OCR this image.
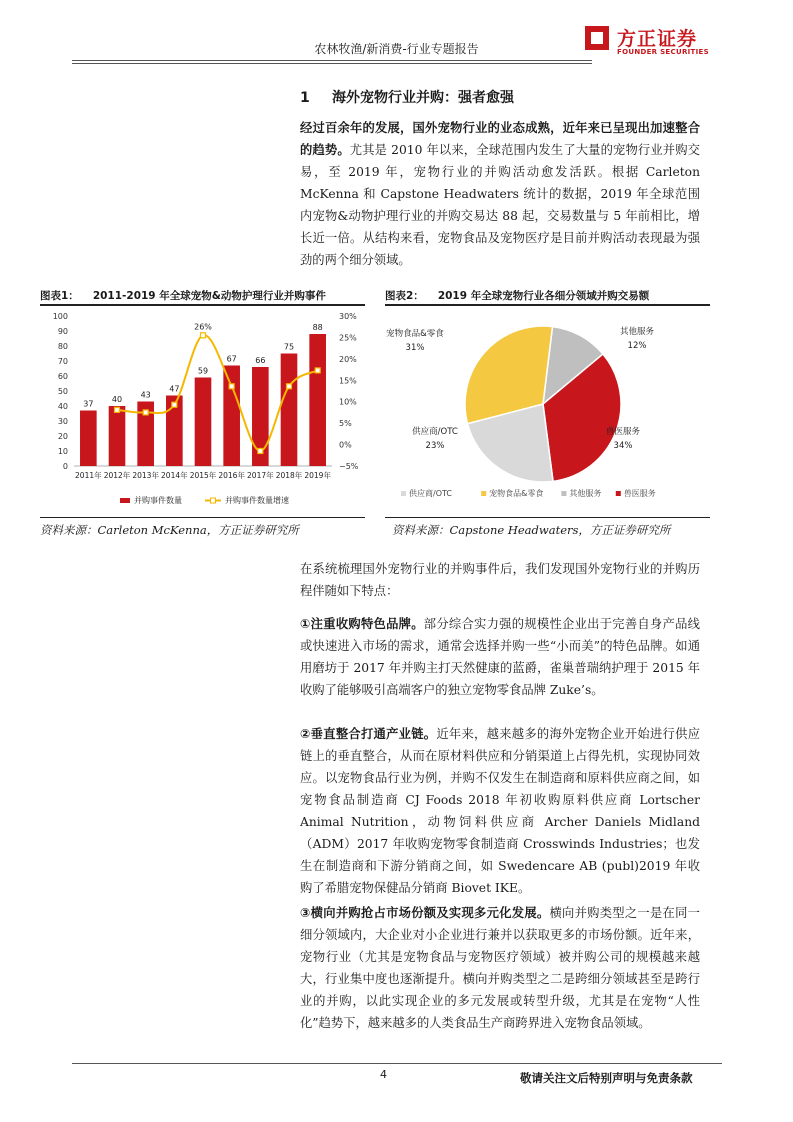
农林牧渔/新消费-行业专题报告	方正证券
FOUNDER SECURITIES
1 海外宠物行业并购：强者愈强
经过百余年的发展，国外宠物行业的业态成熟，近年来已呈现出加速整合的趋势。尤其是 2010 年以来，全球范围内发生了大量的宠物行业并购交易，至 2019 年，宠物行业的并购活动愈发活跃。根据 Carleton McKenna 和 Capstone Headwaters 统计的数据，2019 年全球范围内宠物&动物护理行业的并购交易达 88 起，交易数量与 5 年前相比，增长近一倍。从结构来看，宠物食品及宠物医疗是目前并购活动表现最为强劲的两个细分领域。
图表1： 2011-2019 年全球宠物&动物护理行业并购事件	图表2： 2019 年全球宠物行业各细分领域并购交易额
0
10
20
30
40
50
60
70
80
90
100
−5%
0%
5%
10%
15%
20%
25%
30%
37
2011年
40
2012年
43
2013年
47
2014年
59
2015年
67
2016年
66
2017年
75
2018年
88
2019年
26%
并购事件数量	并购事件数量增速
其他服务
12%
兽医服务
34%
供应商/OTC
23%
宠物食品&零食
31%
供应商/OTC	宠物食品&零食	其他服务	兽医服务
资料来源：Carleton McKenna，方正证券研究所	资料来源：Capstone Headwaters，方正证券研究所
在系统梳理国外宠物行业的并购事件后，我们发现国外宠物行业的并购历程伴随如下特点：
①注重收购特色品牌。部分综合实力强的规模性企业出于完善自身产品线或快速进入市场的需求，通常会选择并购一些“小而美”的特色品牌。如通用磨坊于 2017 年并购主打天然健康的蓝爵，雀巢普瑞纳护理于 2015 年收购了能够吸引高端客户的独立宠物零食品牌 Zuke’s。
②垂直整合打通产业链。近年来，越来越多的海外宠物企业开始进行供应链上的垂直整合，从而在原材料供应和分销渠道上占得先机，实现协同效应。以宠物食品行业为例，并购不仅发生在制造商和原料供应商之间，如宠物食品制造商 CJ Foods 2018 年初收购原料供应商 Lortscher Animal Nutrition，动物饲料供应商 Archer Daniels Midland（ADM）2017 年收购宠物零食制造商 Crosswinds Industries；也发生在制造商和下游分销商之间，如 Swedencare AB (publ)2019 年收购了希腊宠物保健品分销商 Biovet IKE。
③横向并购抢占市场份额及实现多元化发展。横向并购类型之一是在同一细分领域内，大企业对小企业进行兼并以获取更多的市场份额。近年来，宠物行业（尤其是宠物食品与宠物医疗领域）被并购公司的规模越来越大，行业集中度也逐渐提升。横向并购类型之二是跨细分领域甚至是跨行业的并购，以此实现企业的多元发展或转型升级，尤其是在宠物“人性化”趋势下，越来越多的人类食品生产商跨界进入宠物食品领域。
4	敬请关注文后特别声明与免责条款
